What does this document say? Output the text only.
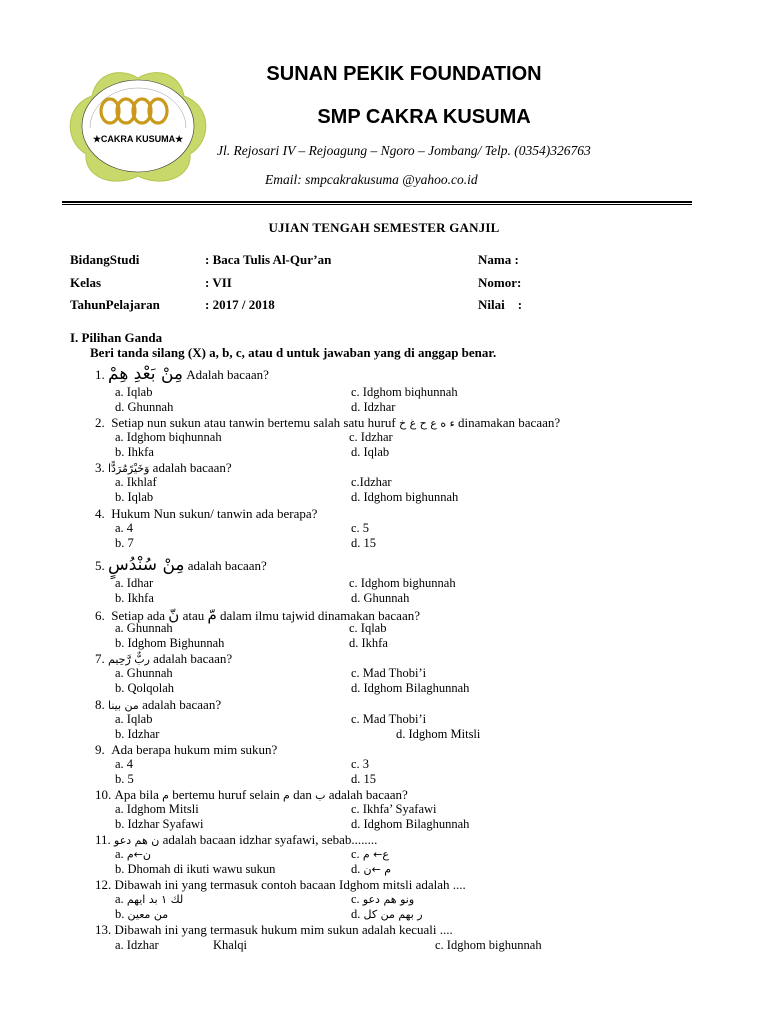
★CAKRA KUSUMA★
SUNAN PEKIK FOUNDATION
SMP CAKRA KUSUMA
Jl. Rejosari IV – Rejoagung – Ngoro – Jombang/ Telp. (0354)326763
Email: smpcakrakusuma @yahoo.co.id
UJIAN TENGAH SEMESTER GANJIL
BidangStudi	: Baca Tulis Al-Qur’an	Nama :
Kelas	: VII	Nomor:
TahunPelajaran	: 2017 / 2018	Nilai    :
I. Pilihan Ganda
Beri tanda silang (X) a, b, c, atau d untuk jawaban yang di anggap benar.
1. مِنْ بَعْدِ هِمْ Adalah bacaan?
a. Iqlab	c. Idghom biqhunnah
d. Ghunnah	d. Idzhar
2. Setiap nun sukun atau tanwin bertemu salah satu huruf ء ه ع ح غ خ dinamakan bacaan?
a. Idghom biqhunnah	c. Idzhar
b. Ihkfa	d. Iqlab
3. وَخَيْرًمُرَدًّا adalah bacaan?
a. Ikhlaf	c.Idzhar
b. Iqlab	d. Idghom bighunnah
4. Hukum Nun sukun/ tanwin ada berapa?
a. 4	c. 5
b. 7	d. 15
5. مِنْ سُنْدُسٍ adalah bacaan?
a. Idhar	c. Idghom bighunnah
b. Ikhfa	d. Ghunnah
6. Setiap ada نّ atau مّ dalam ilmu tajwid dinamakan bacaan?
a. Ghunnah	c. Iqlab
b. Idghom Bighunnah	d. Ikhfa
7. ربٌّ رَّحِيم adalah bacaan?
a. Ghunnah	c. Mad Thobi’i
b. Qolqolah	d. Idghom Bilaghunnah
8. من بينا adalah bacaan?
a. Iqlab	c. Mad Thobi’i
b. Idzhar	d. Idghom Mitsli
9. Ada berapa hukum mim sukun?
a. 4	c. 3
b. 5	d. 15
10. Apa bila م bertemu huruf selain م dan ب adalah bacaan?
a. Idghom Mitsli	c. Ikhfa’ Syafawi
b. Idzhar Syafawi	d. Idghom Bilaghunnah
11. ن هم دعو adalah bacaan idzhar syafawi, sebab........
a. ن←م	c. ع← م
b. Dhomah di ikuti wawu sukun	d. م ←ن
12. Dibawah ini yang termasuk contoh bacaan Idghom mitsli adalah ....
a. لك ١ بد ايهم	c. ونو هم دعو
b. من معين	d. ر بهم من كل
13. Dibawah ini yang termasuk hukum mim sukun adalah kecuali ....
a. Idzhar	Khalqi	c. Idghom bighunnah
